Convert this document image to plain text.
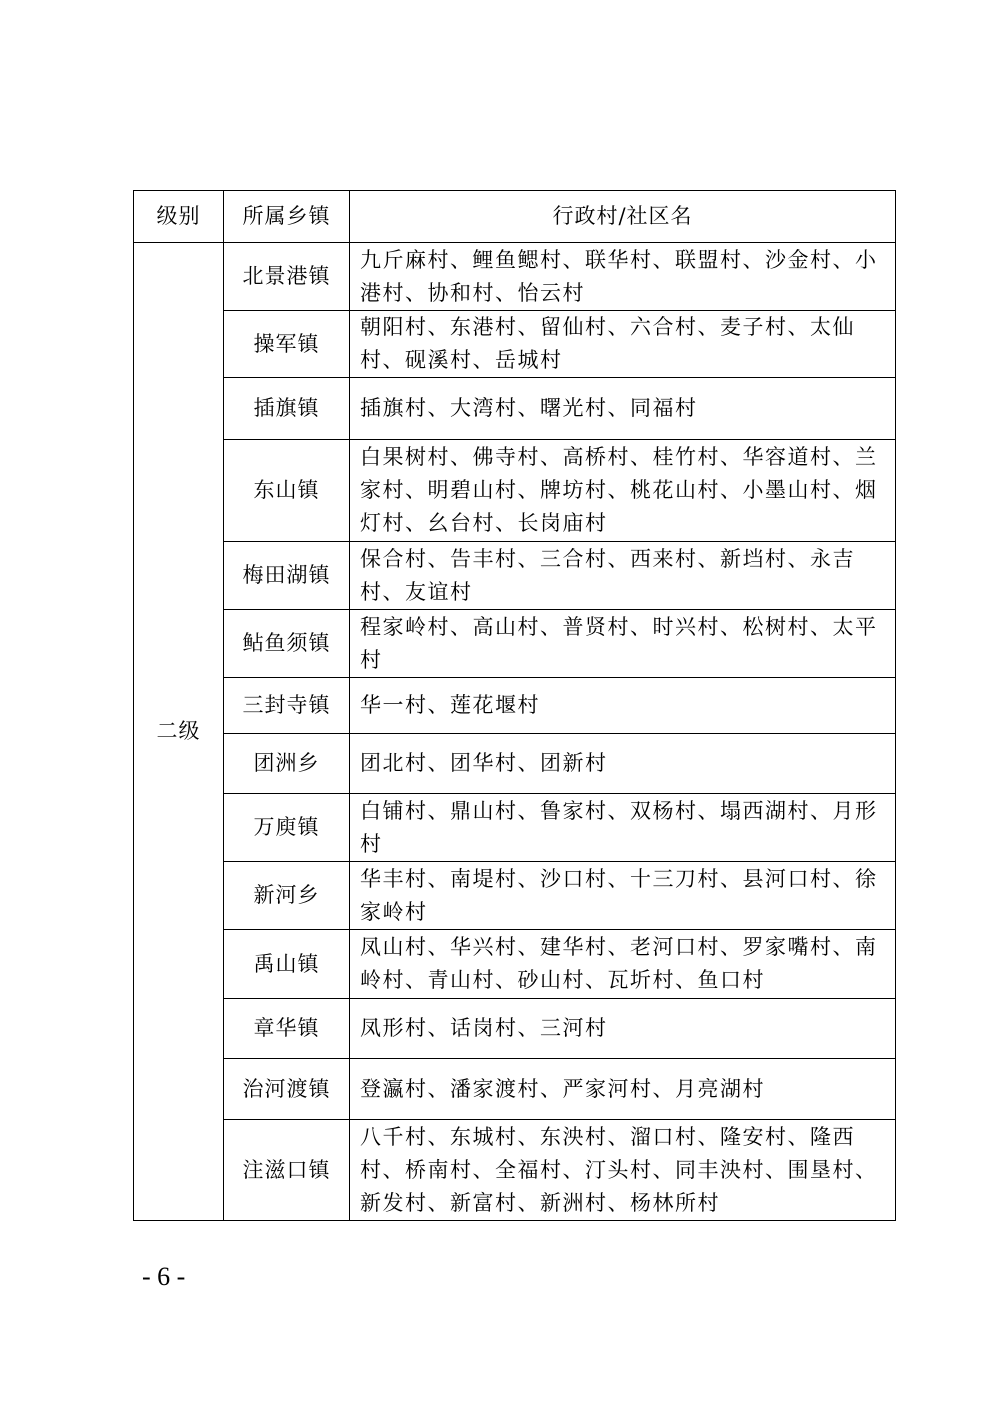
级别	所属乡镇	行政村/社区名
二级	北景港镇	九斤麻村、鲤鱼鳃村、联华村、联盟村、沙金村、小港村、协和村、怡云村
	操军镇	朝阳村、东港村、留仙村、六合村、麦子村、太仙村、砚溪村、岳城村
	插旗镇	插旗村、大湾村、曙光村、同福村
	东山镇	白果树村、佛寺村、高桥村、桂竹村、华容道村、兰家村、明碧山村、牌坊村、桃花山村、小墨山村、烟灯村、幺台村、长岗庙村
	梅田湖镇	保合村、告丰村、三合村、西来村、新垱村、永吉村、友谊村
	鲇鱼须镇	程家岭村、高山村、普贤村、时兴村、松树村、太平村
	三封寺镇	华一村、莲花堰村
	团洲乡	团北村、团华村、团新村
	万庾镇	白铺村、鼎山村、鲁家村、双杨村、塌西湖村、月形村
	新河乡	华丰村、南堤村、沙口村、十三刀村、县河口村、徐家岭村
	禹山镇	凤山村、华兴村、建华村、老河口村、罗家嘴村、南岭村、青山村、砂山村、瓦圻村、鱼口村
	章华镇	凤形村、话岗村、三河村
	治河渡镇	登瀛村、潘家渡村、严家河村、月亮湖村
	注滋口镇	八千村、东城村、东泱村、溜口村、隆安村、隆西村、桥南村、全福村、汀头村、同丰泱村、围垦村、新发村、新富村、新洲村、杨林所村
- 6 -
